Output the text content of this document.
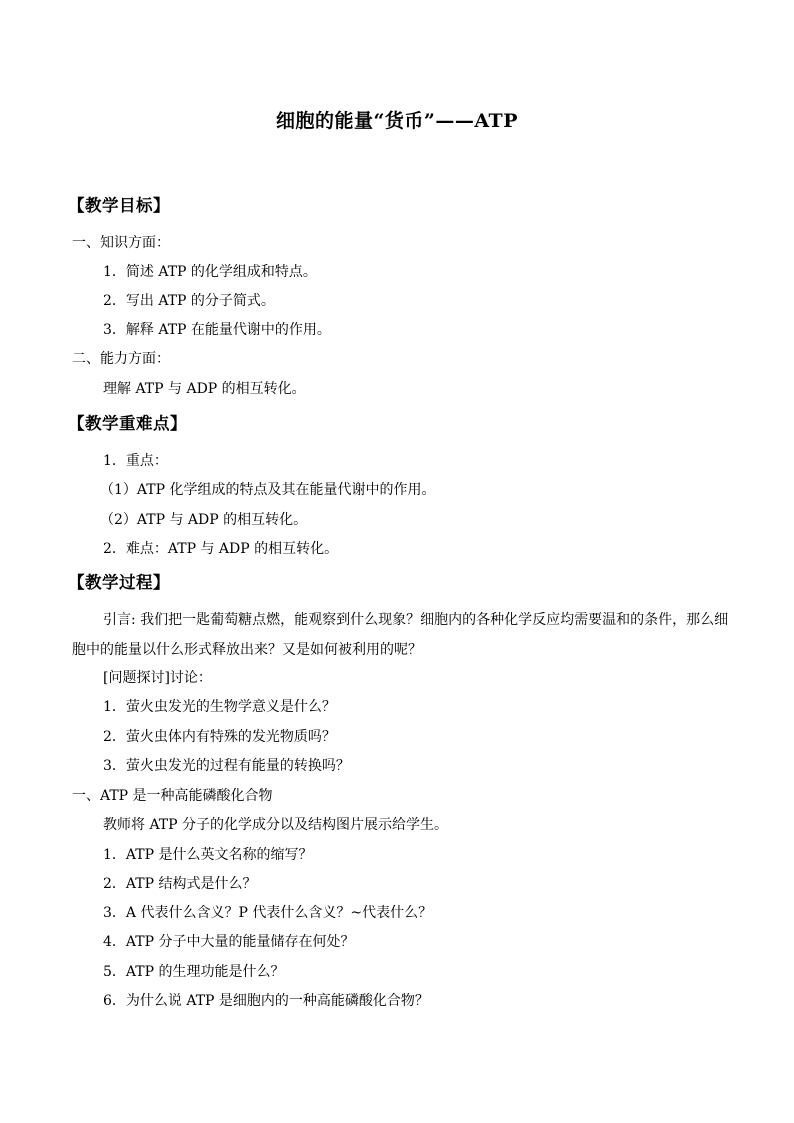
细胞的能量“货币”——ATP
【教学目标】
一、知识方面：
1．简述 ATP 的化学组成和特点。
2．写出 ATP 的分子简式。
3．解释 ATP 在能量代谢中的作用。
二、能力方面：
理解 ATP 与 ADP 的相互转化。
【教学重难点】
1．重点：
（1）ATP 化学组成的特点及其在能量代谢中的作用。
（2）ATP 与 ADP 的相互转化。
2．难点：ATP 与 ADP 的相互转化。
【教学过程】
引言: 我们把一匙葡萄糖点燃，能观察到什么现象？细胞内的各种化学反应均需要温和的条件，那么细胞中的能量以什么形式释放出来？又是如何被利用的呢？
[问题探讨]讨论：
1．萤火虫发光的生物学意义是什么？
2．萤火虫体内有特殊的发光物质吗？
3．萤火虫发光的过程有能量的转换吗？
一、ATP 是一种高能磷酸化合物
教师将 ATP 分子的化学成分以及结构图片展示给学生。
1．ATP 是什么英文名称的缩写？
2．ATP 结构式是什么？
3．A 代表什么含义？P 代表什么含义？~代表什么？
4．ATP 分子中大量的能量储存在何处？
5．ATP 的生理功能是什么？
6．为什么说 ATP 是细胞内的一种高能磷酸化合物？
